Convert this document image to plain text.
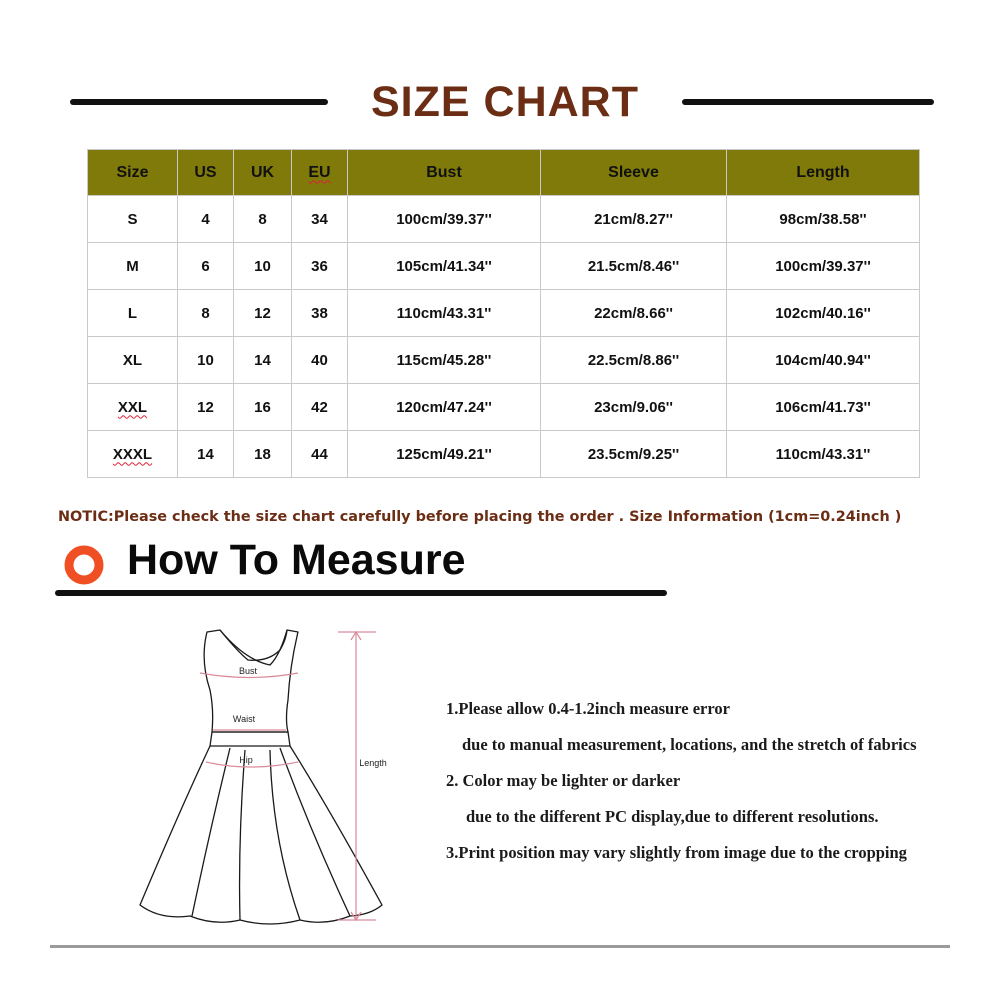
SIZE CHART
Size	US	UK	EU	Bust	Sleeve	Length
S	4	8	34	100cm/39.37''	21cm/8.27''	98cm/38.58''
M	6	10	36	105cm/41.34''	21.5cm/8.46''	100cm/39.37''
L	8	12	38	110cm/43.31''	22cm/8.66''	102cm/40.16''
XL	10	14	40	115cm/45.28''	22.5cm/8.86''	104cm/40.94''
XXL	12	16	42	120cm/47.24''	23cm/9.06''	106cm/41.73''
XXXL	14	18	44	125cm/49.21''	23.5cm/9.25''	110cm/43.31''

NOTIC:Please check the size chart carefully before placing the order . Size Information (1cm=0.24inch )

How To Measure
Bust
Waist
Hip	Length
1.Please allow 0.4-1.2inch measure error
due to manual measurement, locations, and the stretch of fabrics
2. Color may be lighter or darker
due to the different PC display,due to different resolutions.
3.Print position may vary slightly from image due to the cropping
